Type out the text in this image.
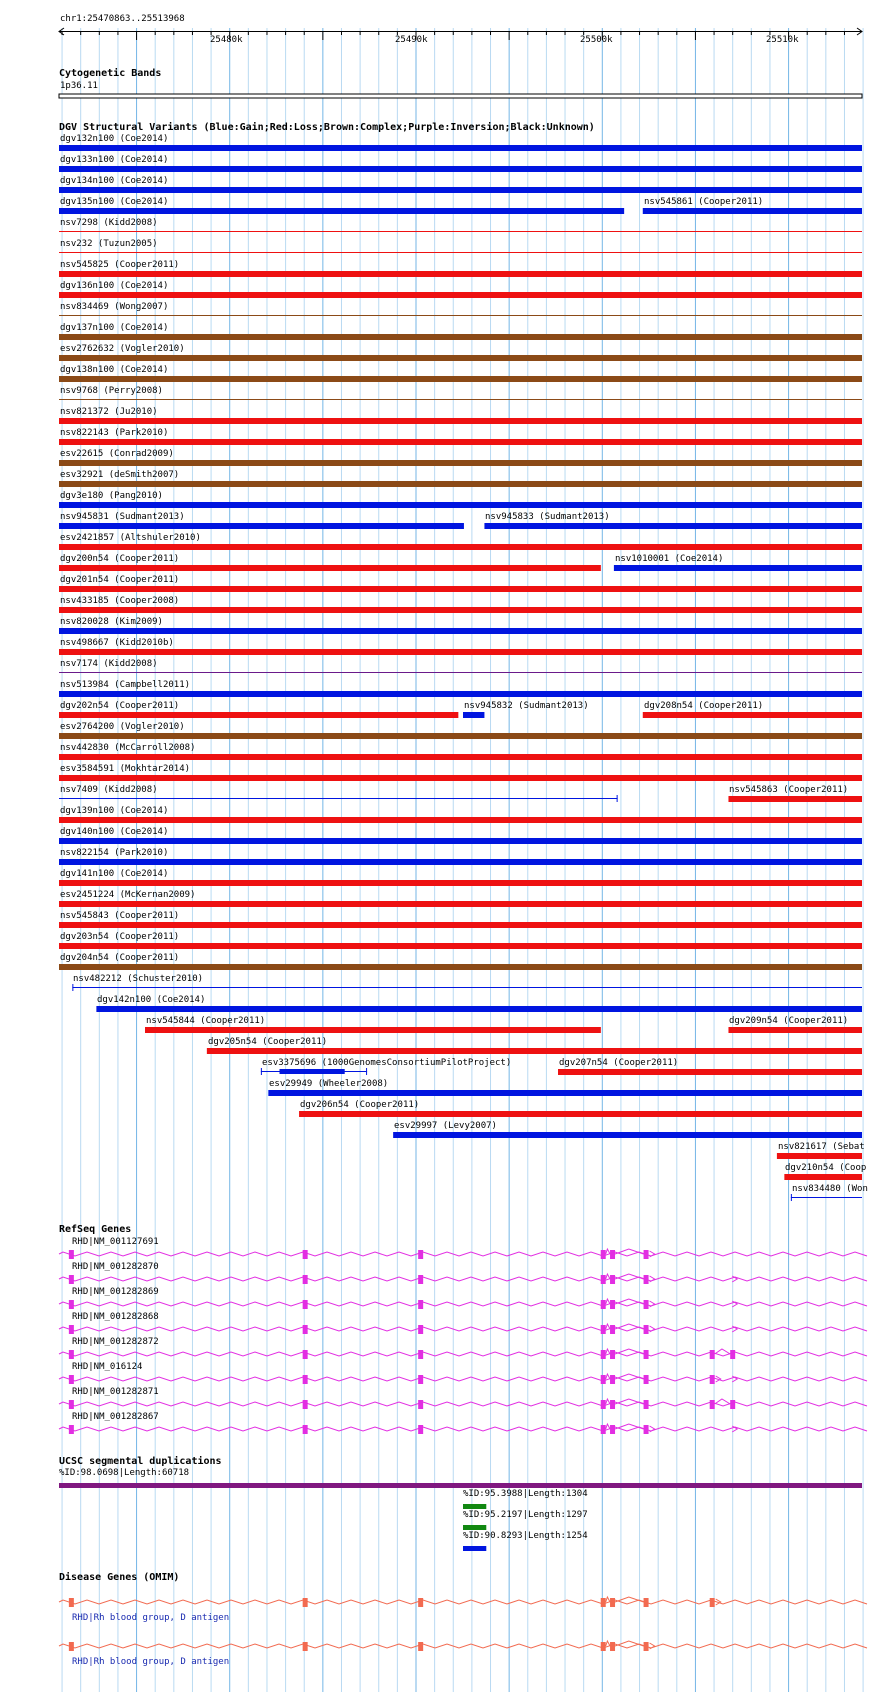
chr1:25470863..25513968
25480k	25490k	25500k	25510k
Cytogenetic Bands
1p36.11
DGV Structural Variants (Blue:Gain;Red:Loss;Brown:Complex;Purple:Inversion;Black:Unknown)
dgv132n100 (Coe2014)
dgv133n100 (Coe2014)
dgv134n100 (Coe2014)
dgv135n100 (Coe2014)	nsv545861 (Cooper2011)
nsv7298 (Kidd2008)
nsv232 (Tuzun2005)
nsv545825 (Cooper2011)
dgv136n100 (Coe2014)
nsv834469 (Wong2007)
dgv137n100 (Coe2014)
esv2762632 (Vogler2010)
dgv138n100 (Coe2014)
nsv9768 (Perry2008)
nsv821372 (Ju2010)
nsv822143 (Park2010)
esv22615 (Conrad2009)
esv32921 (deSmith2007)
dgv3e180 (Pang2010)
nsv945831 (Sudmant2013)	nsv945833 (Sudmant2013)
esv2421857 (Altshuler2010)
dgv200n54 (Cooper2011)	nsv1010001 (Coe2014)
dgv201n54 (Cooper2011)
nsv433185 (Cooper2008)
nsv820028 (Kim2009)
nsv498667 (Kidd2010b)
nsv7174 (Kidd2008)
nsv513984 (Campbell2011)
dgv202n54 (Cooper2011)	nsv945832 (Sudmant2013)	dgv208n54 (Cooper2011)
esv2764200 (Vogler2010)
nsv442830 (McCarroll2008)
esv3584591 (Mokhtar2014)
nsv7409 (Kidd2008)	nsv545863 (Cooper2011)
dgv139n100 (Coe2014)
dgv140n100 (Coe2014)
nsv822154 (Park2010)
dgv141n100 (Coe2014)
esv2451224 (McKernan2009)
nsv545843 (Cooper2011)
dgv203n54 (Cooper2011)
dgv204n54 (Cooper2011)
nsv482212 (Schuster2010)
dgv142n100 (Coe2014)
nsv545844 (Cooper2011)	dgv209n54 (Cooper2011)
dgv205n54 (Cooper2011)
esv3375696 (1000GenomesConsortiumPilotProject)	dgv207n54 (Cooper2011)
esv29949 (Wheeler2008)
dgv206n54 (Cooper2011)
esv29997 (Levy2007)
nsv821617 (Sebat
dgv210n54 (Coop
nsv834480 (Won
RefSeq Genes
RHD|NM_001127691
RHD|NM_001282870
RHD|NM_001282869
RHD|NM_001282868
RHD|NM_001282872
RHD|NM_016124
RHD|NM_001282871
RHD|NM_001282867
UCSC segmental duplications
%ID:98.0698|Length:60718
%ID:95.3988|Length:1304
%ID:95.2197|Length:1297
%ID:90.8293|Length:1254
Disease Genes (OMIM)
RHD|Rh blood group, D antigen
RHD|Rh blood group, D antigen
